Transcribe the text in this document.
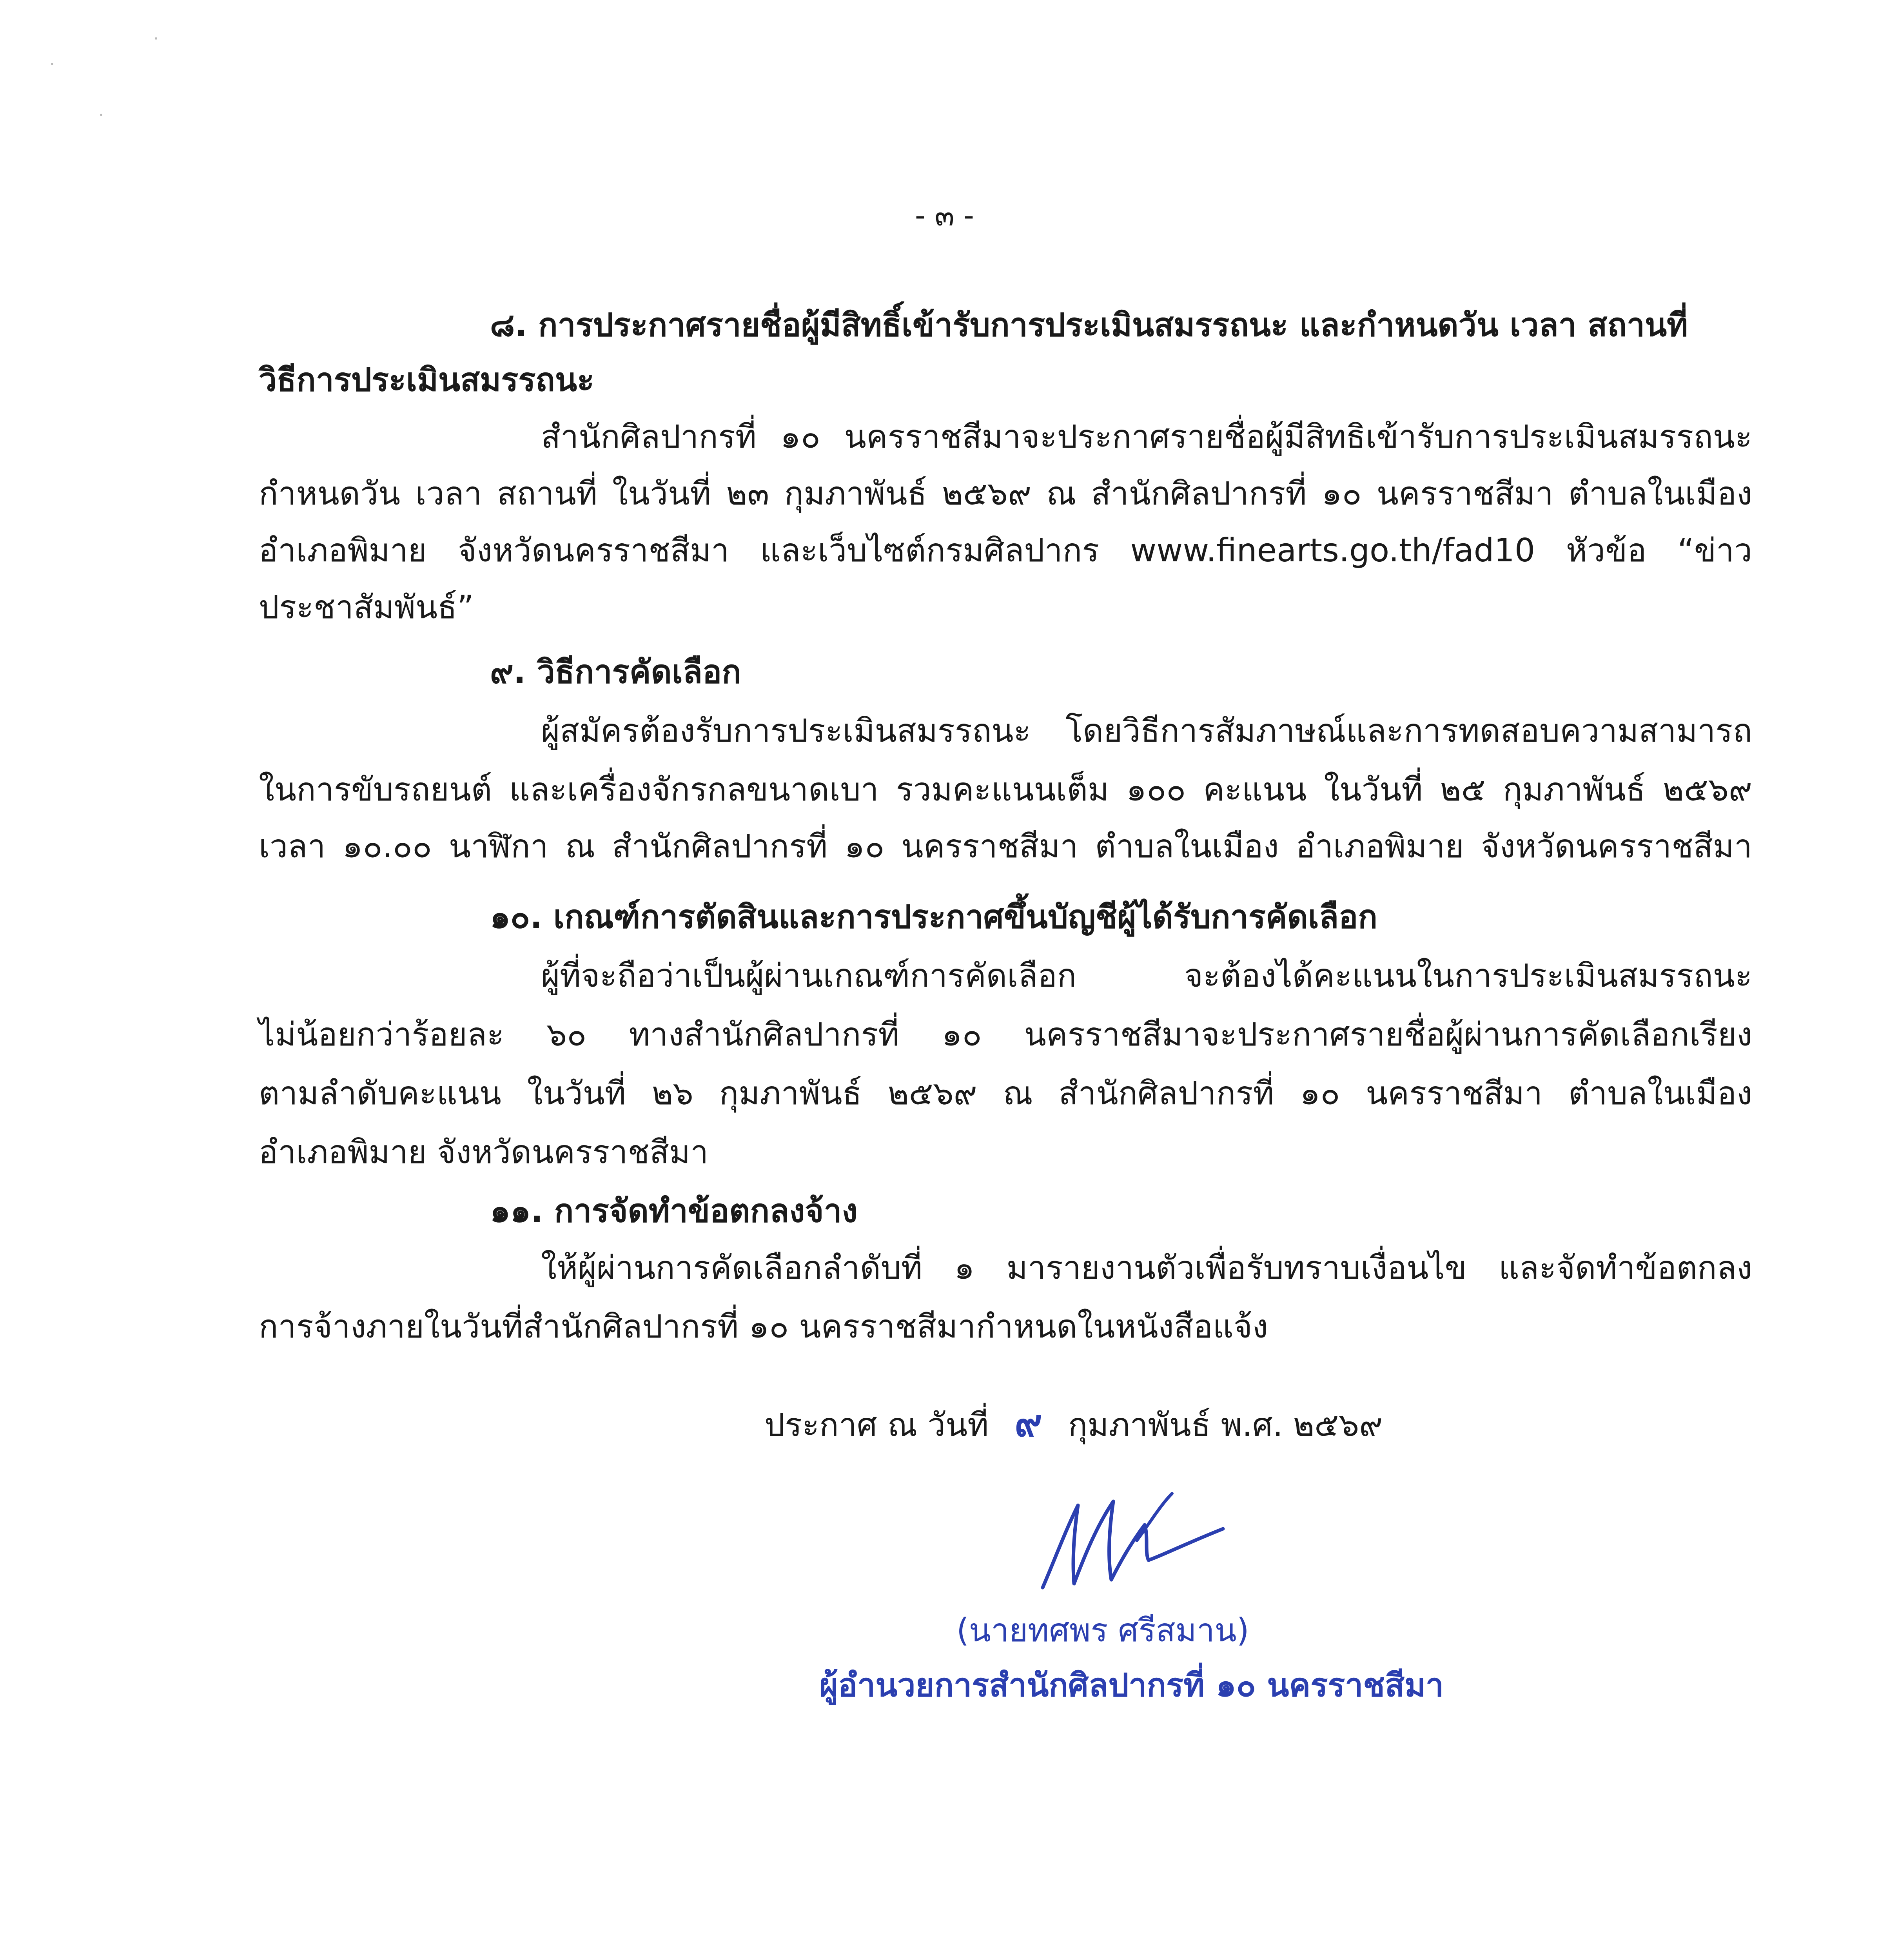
- ๓ -
๘. การประกาศรายชื่อผู้มีสิทธิ์เข้ารับการประเมินสมรรถนะ และกำหนดวัน เวลา สถานที่
วิธีการประเมินสมรรถนะ
สำนักศิลปากรที่ ๑๐ นครราชสีมาจะประกาศรายชื่อผู้มีสิทธิเข้ารับการประเมินสมรรถนะ
กำหนดวัน เวลา สถานที่ ในวันที่ ๒๓ กุมภาพันธ์ ๒๕๖๙ ณ สำนักศิลปากรที่ ๑๐ นครราชสีมา ตำบลในเมือง
อำเภอพิมาย จังหวัดนครราชสีมา และเว็บไซต์กรมศิลปากร www.finearts.go.th/fad10 หัวข้อ “ข่าว
ประชาสัมพันธ์”
๙. วิธีการคัดเลือก
ผู้สมัครต้องรับการประเมินสมรรถนะ โดยวิธีการสัมภาษณ์และการทดสอบความสามารถ
ในการขับรถยนต์ และเครื่องจักรกลขนาดเบา รวมคะแนนเต็ม ๑๐๐ คะแนน ในวันที่ ๒๕ กุมภาพันธ์ ๒๕๖๙
เวลา ๑๐.๐๐ นาฬิกา ณ สำนักศิลปากรที่ ๑๐ นครราชสีมา ตำบลในเมือง อำเภอพิมาย จังหวัดนครราชสีมา
๑๐. เกณฑ์การตัดสินและการประกาศขึ้นบัญชีผู้ได้รับการคัดเลือก
ผู้ที่จะถือว่าเป็นผู้ผ่านเกณฑ์การคัดเลือก จะต้องได้คะแนนในการประเมินสมรรถนะ
ไม่น้อยกว่าร้อยละ ๖๐ ทางสำนักศิลปากรที่ ๑๐ นครราชสีมาจะประกาศรายชื่อผู้ผ่านการคัดเลือกเรียง
ตามลำดับคะแนน ในวันที่ ๒๖ กุมภาพันธ์ ๒๕๖๙ ณ สำนักศิลปากรที่ ๑๐ นครราชสีมา ตำบลในเมือง
อำเภอพิมาย จังหวัดนครราชสีมา
๑๑. การจัดทำข้อตกลงจ้าง
ให้ผู้ผ่านการคัดเลือกลำดับที่ ๑ มารายงานตัวเพื่อรับทราบเงื่อนไข และจัดทำข้อตกลง
การจ้างภายในวันที่สำนักศิลปากรที่ ๑๐ นครราชสีมากำหนดในหนังสือแจ้ง
ประกาศ ณ วันที่ ๙ กุมภาพันธ์ พ.ศ. ๒๕๖๙
(นายทศพร ศรีสมาน)
ผู้อำนวยการสำนักศิลปากรที่ ๑๐ นครราชสีมา
